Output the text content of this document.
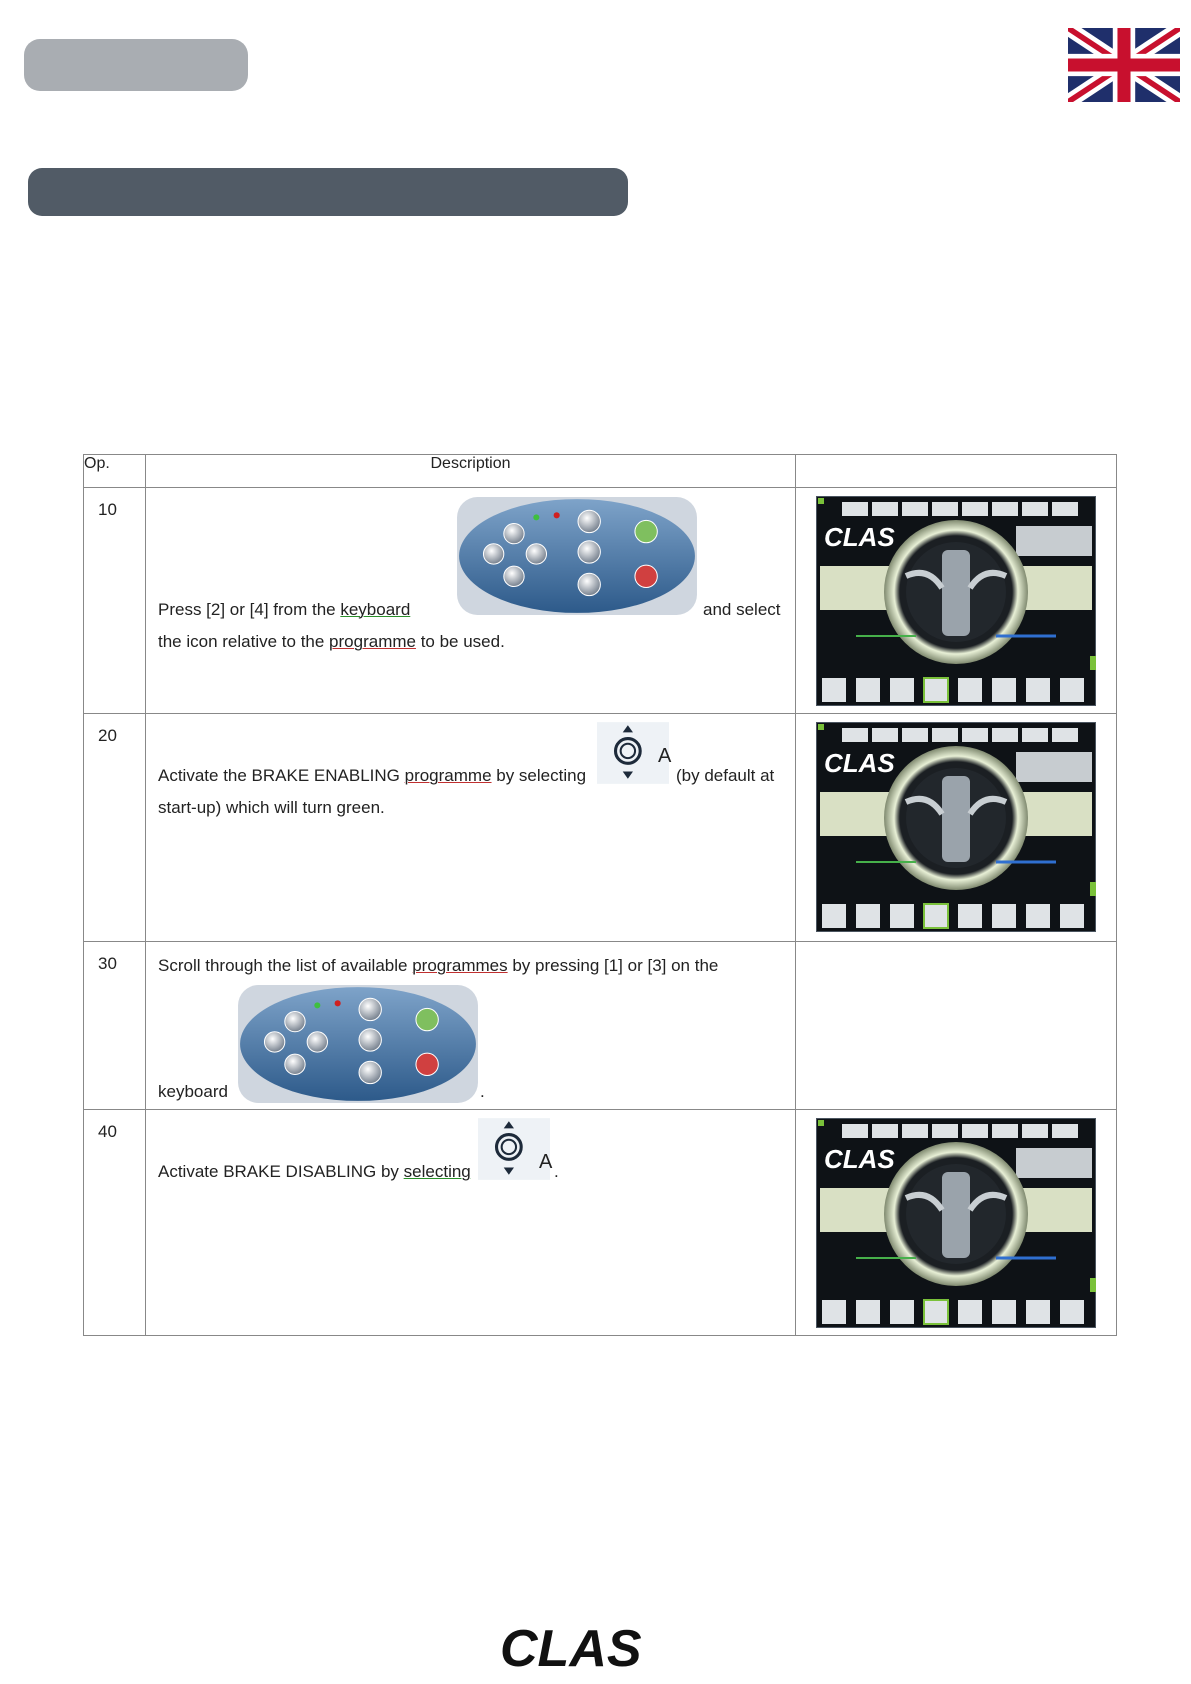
Op.	Description	

10	Press [2] or [4] from the keyboard and select
the icon relative to the programme to be used.

20	Activate the BRAKE ENABLING programme by selecting
A
(by default at
start-up) which will turn green.

30	Scroll through the list of available programmes by pressing [1] or [3] on the
keyboard .	

40	Activate BRAKE DISABLING by selecting A .

CLAS
